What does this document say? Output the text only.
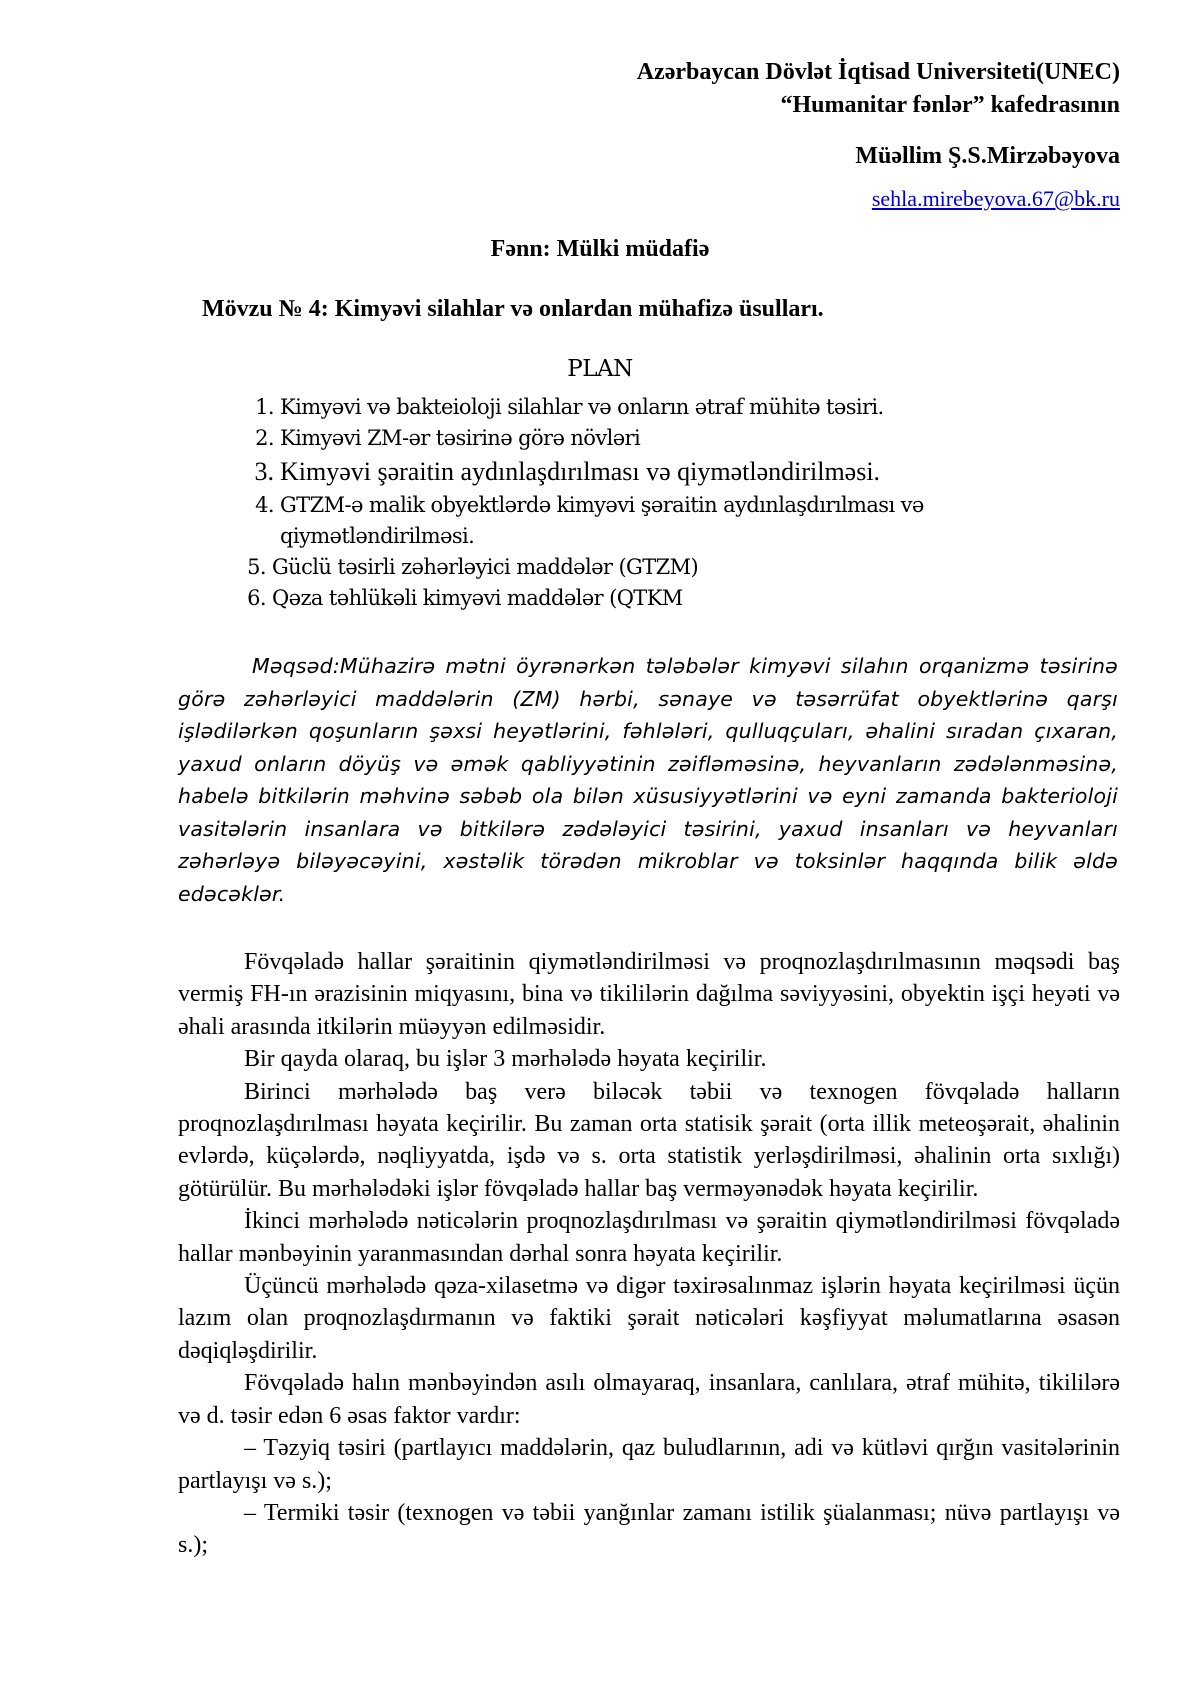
Azərbaycan Dövlət İqtisad Universiteti(UNEC)
“Humanitar fənlər” kafedrasının
Müəllim Ş.S.Mirzəbəyova
sehla.mirebeyova.67@bk.ru
Fənn: Mülki müdafiə
Mövzu № 4: Kimyəvi silahlar və onlardan mühafizə üsulları.
PLAN
1. Kimyəvi və bakteioloji silahlar və onların ətraf mühitə təsiri.
2. Kimyəvi ZM-ər təsirinə görə növləri
3. Kimyəvi şəraitin aydınlaşdırılması və qiymətləndirilməsi.
4. GTZM-ə malik obyektlərdə kimyəvi şəraitin aydınlaşdırılması və qiymətləndirilməsi.
5. Güclü təsirli zəhərləyici maddələr (GTZM)
6. Qəza təhlükəli kimyəvi maddələr (QTKM

Məqsəd:Mühazirə mətni öyrənərkən tələbələr kimyəvi silahın orqanizmə təsirinə görə zəhərləyici maddələrin (ZM) hərbi, sənaye və təsərrüfat obyektlərinə qarşı işlədilərkən qoşunların şəxsi heyətlərini, fəhlələri, qulluqçuları, əhalini sıradan çıxaran, yaxud onların döyüş və əmək qabliyyətinin zəifləməsinə, heyvanların zədələnməsinə, habelə bitkilərin məhvinə səbəb ola bilən xüsusiyyətlərini və eyni zamanda bakterioloji vasitələrin insanlara və bitkilərə zədələyici təsirini, yaxud insanları və heyvanları zəhərləyə biləyəcəyini, xəstəlik törədən mikroblar və toksinlər haqqında bilik əldə edəcəklər.

Fövqəladə hallar şəraitinin qiymətləndirilməsi və proqnozlaşdırılmasının məqsədi baş vermiş FH-ın ərazisinin miqyasını, bina və tikililərin dağılma səviyyəsini, obyektin işçi heyəti və əhali arasında itkilərin müəyyən edilməsidir.

Bir qayda olaraq, bu işlər 3 mərhələdə həyata keçirilir.

Birinci mərhələdə baş verə biləcək təbii və texnogen fövqəladə halların proqnozlaşdırılması həyata keçirilir. Bu zaman orta statisik şərait (orta illik meteoşərait, əhalinin evlərdə, küçələrdə, nəqliyyatda, işdə və s. orta statistik yerləşdirilməsi, əhalinin orta sıxlığı) götürülür. Bu mərhələdəki işlər fövqəladə hallar baş verməyənədək həyata keçirilir.

İkinci mərhələdə nəticələrin proqnozlaşdırılması və şəraitin qiymətləndirilməsi fövqəladə hallar mənbəyinin yaranmasından dərhal sonra həyata keçirilir.

Üçüncü mərhələdə qəza-xilasetmə və digər təxirəsalınmaz işlərin həyata keçirilməsi üçün lazım olan proqnozlaşdırmanın və faktiki şərait nəticələri kəşfiyyat məlumatlarına əsasən dəqiqləşdirilir.

Fövqəladə halın mənbəyindən asılı olmayaraq, insanlara, canlılara, ətraf mühitə, tikililərə və d. təsir edən 6 əsas faktor vardır:

– Təzyiq təsiri (partlayıcı maddələrin, qaz buludlarının, adi və kütləvi qırğın vasitələrinin partlayışı və s.);

– Termiki təsir (texnogen və təbii yanğınlar zamanı istilik şüalanması; nüvə partlayışı və s.);
